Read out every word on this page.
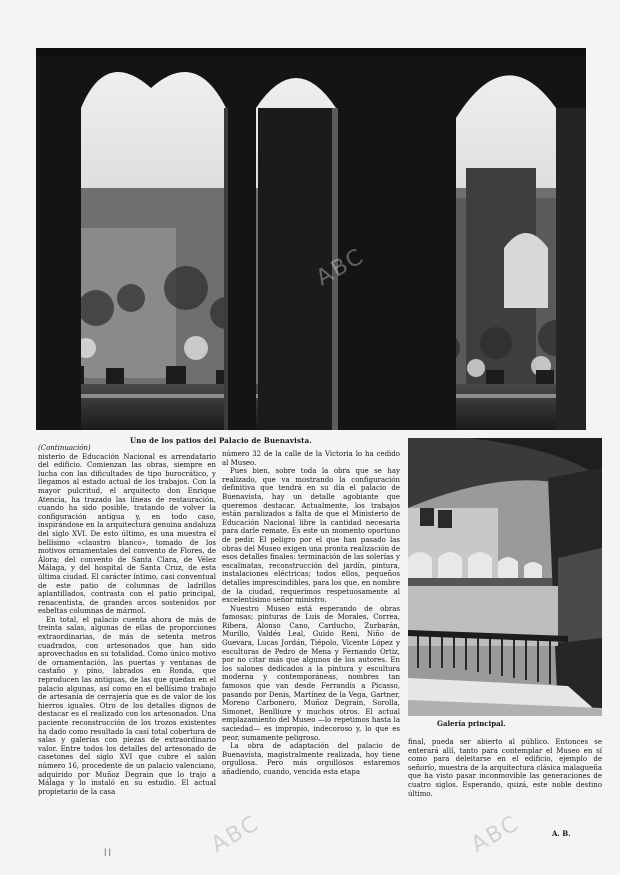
Uno de los patios del Palacio de Buenavista.

(Continuación)

nisterio de Educación Nacional es arrendatario del edificio. Comienzan las obras, siempre en lucha con las dificultades de tipo burocrático, y llegamos al estado actual de los trabajos. Con la mayor pulcritud, el arquitecto don Enrique Atencia, ha trazado las líneas de restauración, cuando ha sido posible, tratando de volver la configuración antigua y, en todo caso, inspirándose en la arquitectura genuina andaluza del siglo XVI. De esto último, es una muestra el bellísimo «claustro blanco», tomado de los motivos ornamentales del convento de Flores, de Álora; del convento de Santa Clara, de Vélez Málaga, y del hospital de Santa Cruz, de esta última ciudad. El carácter íntimo, casi conventual de este patio de columnas de ladrillos aplantillados, contrasta con el patio principal, renacentista, de grandes arcos sostenidos por esbeltas columnas de mármol.

En total, el palacio cuenta ahora de más de treinta salas, algunas de ellas de proporciones extraordinarias, de más de setenta metros cuadrados, con artesonados que han sido aprovechados en su totalidad. Como único motivo de ornamentación, las puertas y ventanas de castaño y pino, labrados en Ronda, que reproducen las antiguas, de las que quedan en el palacio algunas, así como en el bellísimo trabajo de artesanía de cerrajería que es de valor de los hierros iguales. Otro de los detalles dignos de destacar es el realizado con los artesonados. Una paciente reconstrucción de los trozos existentes ha dado como resultado la casi total cobertura de salas y galerías con piezas de extraordinario valor. Entre todos los detalles del artesonado de casetones del siglo XVI que cubre el salón número 16, procedente de un palacio valenciano, adquirido por Muñoz Degrain que lo trajo a Málaga y lo instaló en su estudio. El actual propietario de la casa

número 32 de la calle de la Victoria lo ha cedido al Museo.

Pues bien, sobre toda la obra que se hay realizado, que va mostrando la configuración definitiva que tendrá en su día el palacio de Buenavista, hay un detalle agobiante que queremos destacar. Actualmente, los trabajos están paralizados a falta de que el Ministerio de Educación Nacional libre la cantidad necesaria para darle remate. Es este un momento oportuno de pedir. El peligro por el que han pasado las obras del Museo exigen una pronta realización de esos detalles finales: terminación de las solerías y escalinatas, reconstrucción del jardín, pintura, instalaciones eléctricas; todos ellos, pequeños detalles imprescindibles, para los que, en nombre de la ciudad, requerimos respetuosamente al excelentísimo señor ministro.

Nuestro Museo está esperando de obras famosas; pinturas de Luis de Morales, Correa, Ribera, Alonso Cano, Carducho, Zurbarán, Murillo, Valdés Leal, Guido Reni, Niño de Guevara, Lucas Jordán, Tiépolo, Vicente López y esculturas de Pedro de Mena y Fernando Ortiz, por no citar más que algunos de los autores. En los salones dedicados a la pintura y escultura moderna y contemporáneas, nombres tan famosos que van desde Ferrandis a Picasso, pasando por Denis, Martínez de la Vega, Gartner, Moreno Carbonero, Muñoz Degrain, Sorolla, Simonet, Benlliure y muchos otros. El actual emplazamiento del Museo —lo repetimos hasta la saciedad— es impropio, indecoroso y, lo que es peor, sumamente peligroso.

La obra de adaptación del palacio de Buenavista, magistralmente realizada, hoy tiene orgullosa. Pero más orgullosos estaremos añadiendo, cuando, vencida esta etapa

Galería principal.

final, pueda ser abierto al público. Entonces se enterará allí, tanto para contemplar el Museo en sí como para deleitarse en el edificio, ejemplo de señorío, muestra de la arquitectura clásica malagueña que ha visto pasar inconmovible las generaciones de cuatro siglos. Esperando, quizá, este noble destino último.

A. B.
| |	ABC	ABC
ABC
